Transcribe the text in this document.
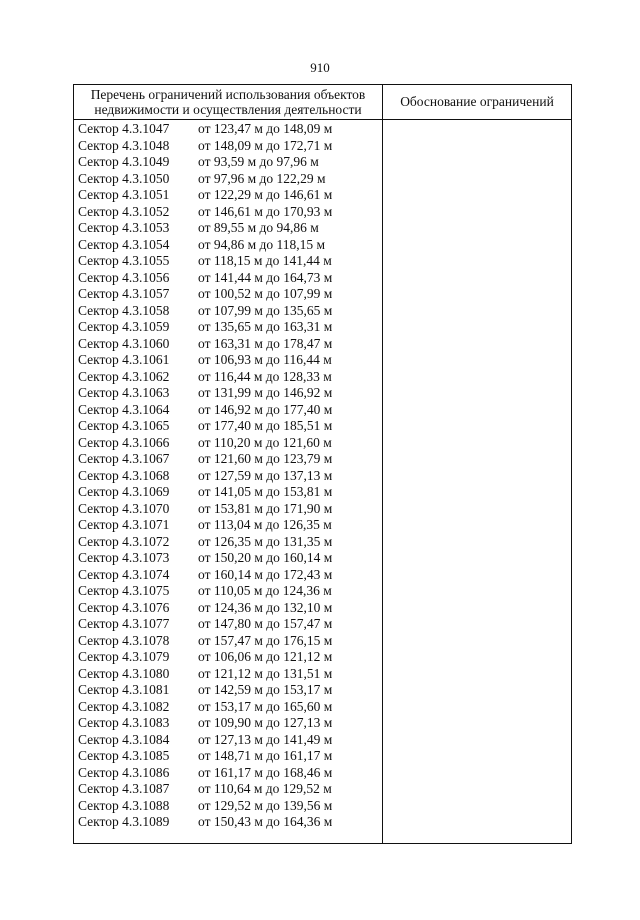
910
Перечень ограничений использования объектов
недвижимости и осуществления деятельности
Обоснование ограничений
Сектор 4.3.1047 от 123,47 м до 148,09 м
Сектор 4.3.1048 от 148,09 м до 172,71 м
Сектор 4.3.1049 от 93,59 м до 97,96 м
Сектор 4.3.1050 от 97,96 м до 122,29 м
Сектор 4.3.1051 от 122,29 м до 146,61 м
Сектор 4.3.1052 от 146,61 м до 170,93 м
Сектор 4.3.1053 от 89,55 м до 94,86 м
Сектор 4.3.1054 от 94,86 м до 118,15 м
Сектор 4.3.1055 от 118,15 м до 141,44 м
Сектор 4.3.1056 от 141,44 м до 164,73 м
Сектор 4.3.1057 от 100,52 м до 107,99 м
Сектор 4.3.1058 от 107,99 м до 135,65 м
Сектор 4.3.1059 от 135,65 м до 163,31 м
Сектор 4.3.1060 от 163,31 м до 178,47 м
Сектор 4.3.1061 от 106,93 м до 116,44 м
Сектор 4.3.1062 от 116,44 м до 128,33 м
Сектор 4.3.1063 от 131,99 м до 146,92 м
Сектор 4.3.1064 от 146,92 м до 177,40 м
Сектор 4.3.1065 от 177,40 м до 185,51 м
Сектор 4.3.1066 от 110,20 м до 121,60 м
Сектор 4.3.1067 от 121,60 м до 123,79 м
Сектор 4.3.1068 от 127,59 м до 137,13 м
Сектор 4.3.1069 от 141,05 м до 153,81 м
Сектор 4.3.1070 от 153,81 м до 171,90 м
Сектор 4.3.1071 от 113,04 м до 126,35 м
Сектор 4.3.1072 от 126,35 м до 131,35 м
Сектор 4.3.1073 от 150,20 м до 160,14 м
Сектор 4.3.1074 от 160,14 м до 172,43 м
Сектор 4.3.1075 от 110,05 м до 124,36 м
Сектор 4.3.1076 от 124,36 м до 132,10 м
Сектор 4.3.1077 от 147,80 м до 157,47 м
Сектор 4.3.1078 от 157,47 м до 176,15 м
Сектор 4.3.1079 от 106,06 м до 121,12 м
Сектор 4.3.1080 от 121,12 м до 131,51 м
Сектор 4.3.1081 от 142,59 м до 153,17 м
Сектор 4.3.1082 от 153,17 м до 165,60 м
Сектор 4.3.1083 от 109,90 м до 127,13 м
Сектор 4.3.1084 от 127,13 м до 141,49 м
Сектор 4.3.1085 от 148,71 м до 161,17 м
Сектор 4.3.1086 от 161,17 м до 168,46 м
Сектор 4.3.1087 от 110,64 м до 129,52 м
Сектор 4.3.1088 от 129,52 м до 139,56 м
Сектор 4.3.1089 от 150,43 м до 164,36 м
